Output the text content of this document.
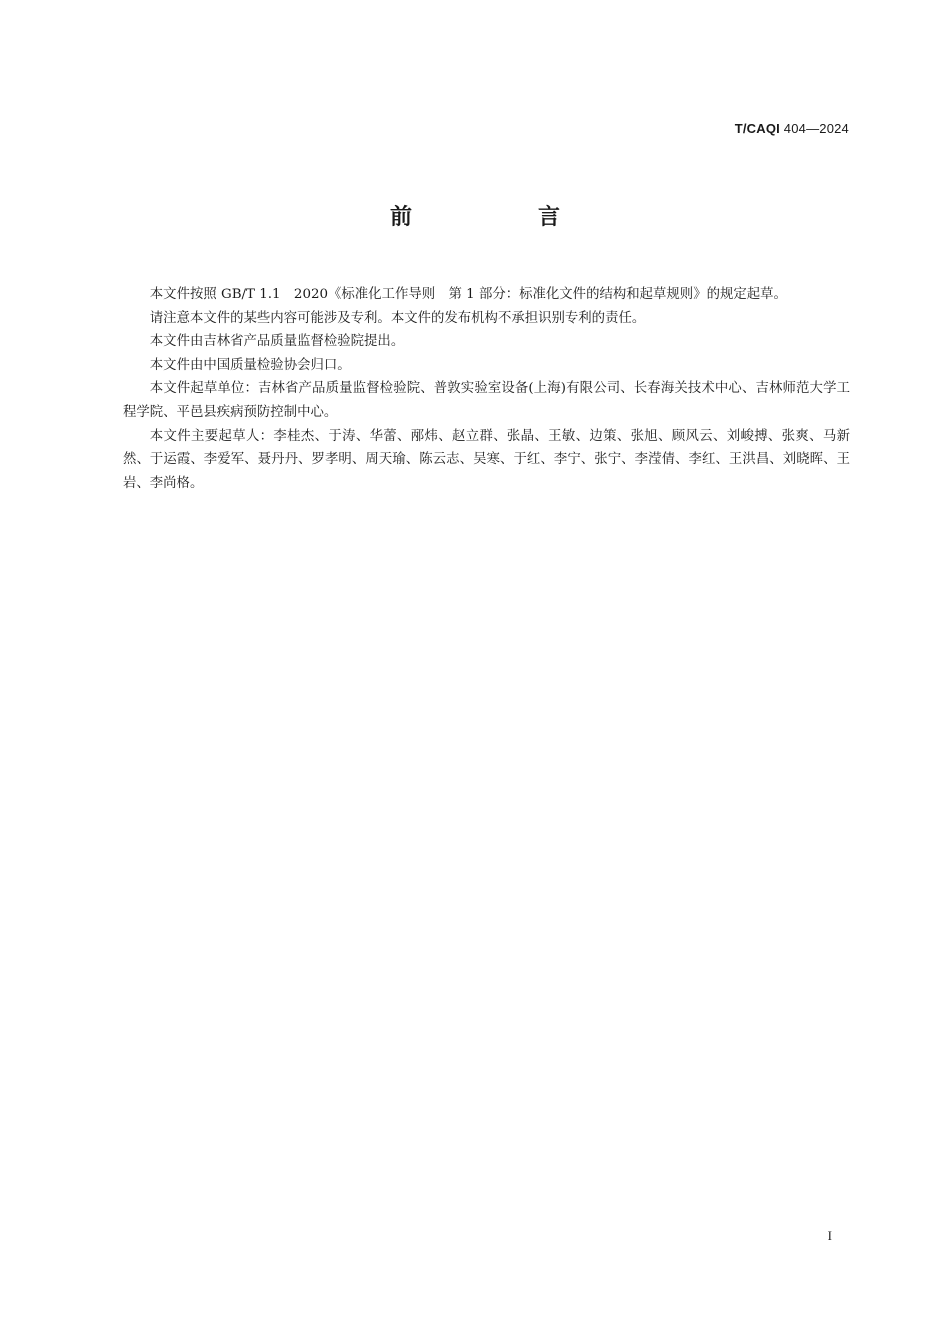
T/CAQI 404—2024
前　言

本文件按照 GB/T 1.1　2020《标准化工作导则　第 1 部分：标准化文件的结构和起草规则》的规定起草。

请注意本文件的某些内容可能涉及专利。本文件的发布机构不承担识别专利的责任。

本文件由吉林省产品质量监督检验院提出。

本文件由中国质量检验协会归口。

本文件起草单位：吉林省产品质量监督检验院、普敦实验室设备(上海)有限公司、长春海关技术中心、吉林师范大学工程学院、平邑县疾病预防控制中心。

本文件主要起草人：李桂杰、于涛、华蕾、邴炜、赵立群、张晶、王敏、边策、张旭、顾风云、刘峻搏、张爽、马新然、于运霞、李爱军、聂丹丹、罗孝明、周天瑜、陈云志、吴寒、于红、李宁、张宁、李滢倩、李红、王洪昌、刘晓晖、王岩、李尚格。

I
